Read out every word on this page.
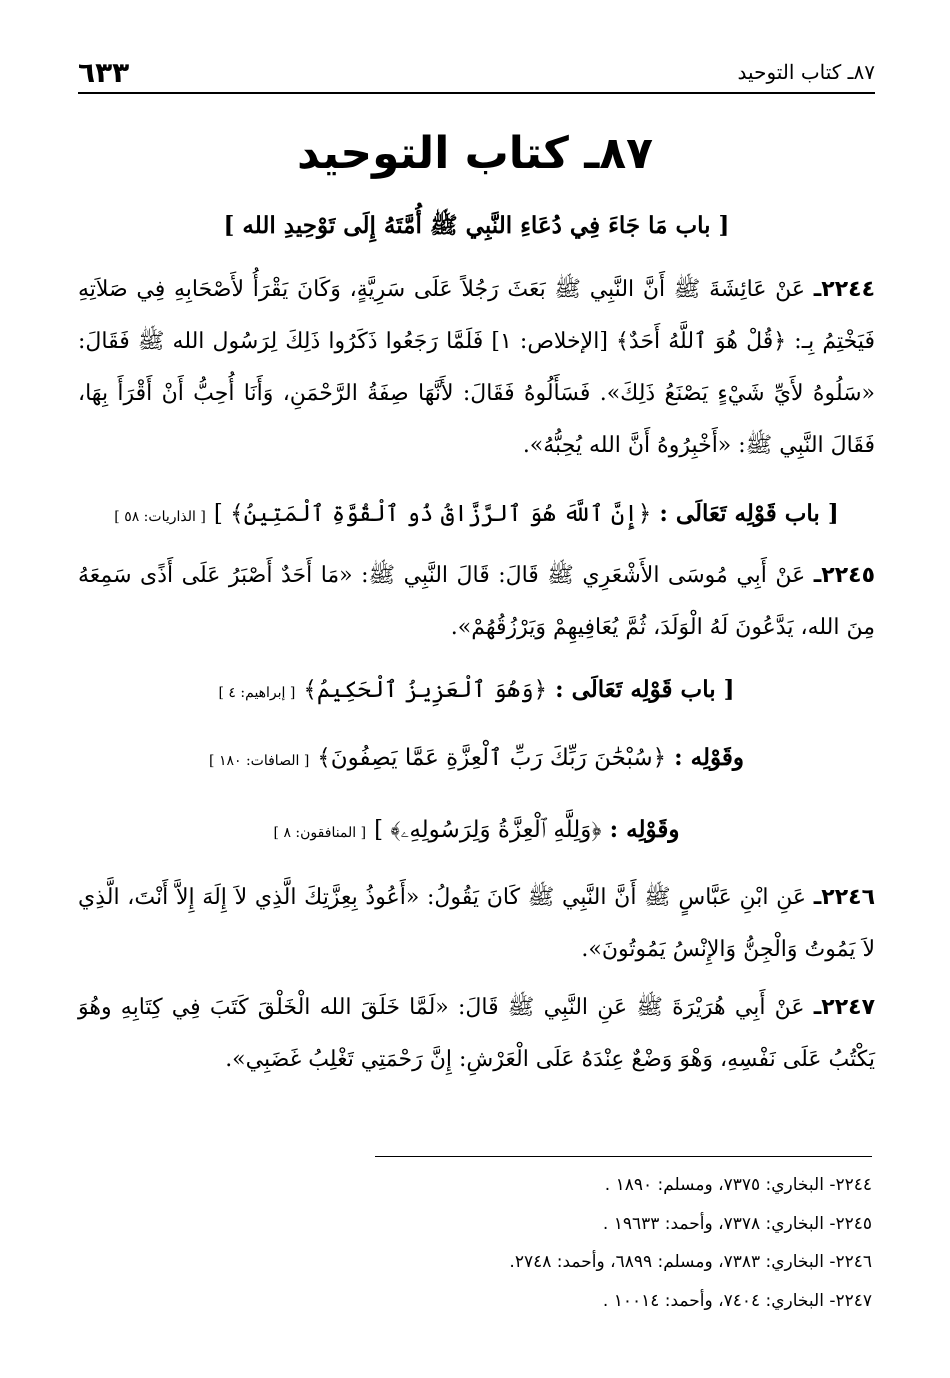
٨٧ـ كتاب التوحيد
٦٣٣
٨٧ـ كتاب التوحيد
[ باب مَا جَاءَ فِي دُعَاءِ النَّبِي ﷺ أُمَّتَهُ إِلَى تَوْحِيدِ الله ]
٢٢٤٤ـ عَنْ عَائِشَةَ ﷺ أَنَّ النَّبِي ﷺ بَعَثَ رَجُلاً عَلَى سَرِيَّةٍ، وَكَانَ يَقْرَأُ لأَصْحَابِهِ فِي صَلاَتِهِ فَيَخْتِمُ بِـ: ﴿قُلْ هُوَ ٱللَّهُ أَحَدٌ﴾ [الإخلاص: ١] فَلَمَّا رَجَعُوا ذَكَرُوا ذَلِكَ لِرَسُول الله ﷺ فَقَالَ: «سَلُوهُ لأَيِّ شَيْءٍ يَصْنَعُ ذَلِكَ». فَسَأَلُوهُ فَقَالَ: لأَنَّهَا صِفَةُ الرَّحْمَنِ، وَأَنَا أُحِبُّ أَنْ أَقْرَأَ بِهَا، فَقَالَ النَّبِي ﷺ: «أَخْبِرُوهُ أَنَّ الله يُحِبُّهُ».
[ باب قَوْلِه تَعَالَى : ﴿إِنَّ ٱللَّهَ هُوَ ٱلرَّزَّاقُ ذُو ٱلْقُوَّةِ ٱلْمَتِينُ﴾ ] [ الذاريات: ٥٨ ]
٢٢٤٥ـ عَنْ أَبِي مُوسَى الأَشْعَرِي ﷺ قَالَ: قَالَ النَّبِي ﷺ: «مَا أَحَدٌ أَصْبَرُ عَلَى أَذًى سَمِعَهُ مِنَ الله، يَدَّعُونَ لَهُ الْوَلَدَ، ثُمَّ يُعَافِيهِمْ وَيَرْزُقُهُمْ».
[ باب قَوْلِه تَعَالَى : ﴿وَهُوَ ٱلْعَزِيزُ ٱلْحَكِيمُ﴾ [ إبراهيم: ٤ ]
وقَوْلِه : ﴿سُبْحَٰنَ رَبِّكَ رَبِّ ٱلْعِزَّةِ عَمَّا يَصِفُونَ﴾ [ الصافات: ١٨٠ ]
وقَوْلِه : ﴿وَلِلَّهِ ٱلْعِزَّةُ وَلِرَسُولِهِۦ﴾ ] [ المنافقون: ٨ ]
٢٢٤٦ـ عَنِ ابْنِ عَبَّاسٍ ﷺ أَنَّ النَّبِي ﷺ كَانَ يَقُولُ: «أَعُوذُ بِعِزَّتِكَ الَّذِي لاَ إِلَهَ إِلاَّ أَنْتَ، الَّذِي لاَ يَمُوتُ وَالْجِنُّ وَالإِنْسُ يَمُوتُونَ».
٢٢٤٧ـ عَنْ أَبِي هُرَيْرَةَ ﷺ عَنِ النَّبِي ﷺ قَالَ: «لَمَّا خَلَقَ الله الْخَلْقَ كَتَبَ فِي كِتَابِهِ وهُوَ يَكْتُبُ عَلَى نَفْسِهِ، وَهْوَ وَضْعٌ عِنْدَهُ عَلَى الْعَرْشِ: إِنَّ رَحْمَتِي تَغْلِبُ غَضَبِي».
٢٢٤٤- البخاري: ٧٣٧٥، ومسلم: ١٨٩٠ .
٢٢٤٥- البخاري: ٧٣٧٨، وأحمد: ١٩٦٣٣ .
٢٢٤٦- البخاري: ٧٣٨٣، ومسلم: ٦٨٩٩، وأحمد: ٢٧٤٨.
٢٢٤٧- البخاري: ٧٤٠٤، وأحمد: ١٠٠١٤ .
